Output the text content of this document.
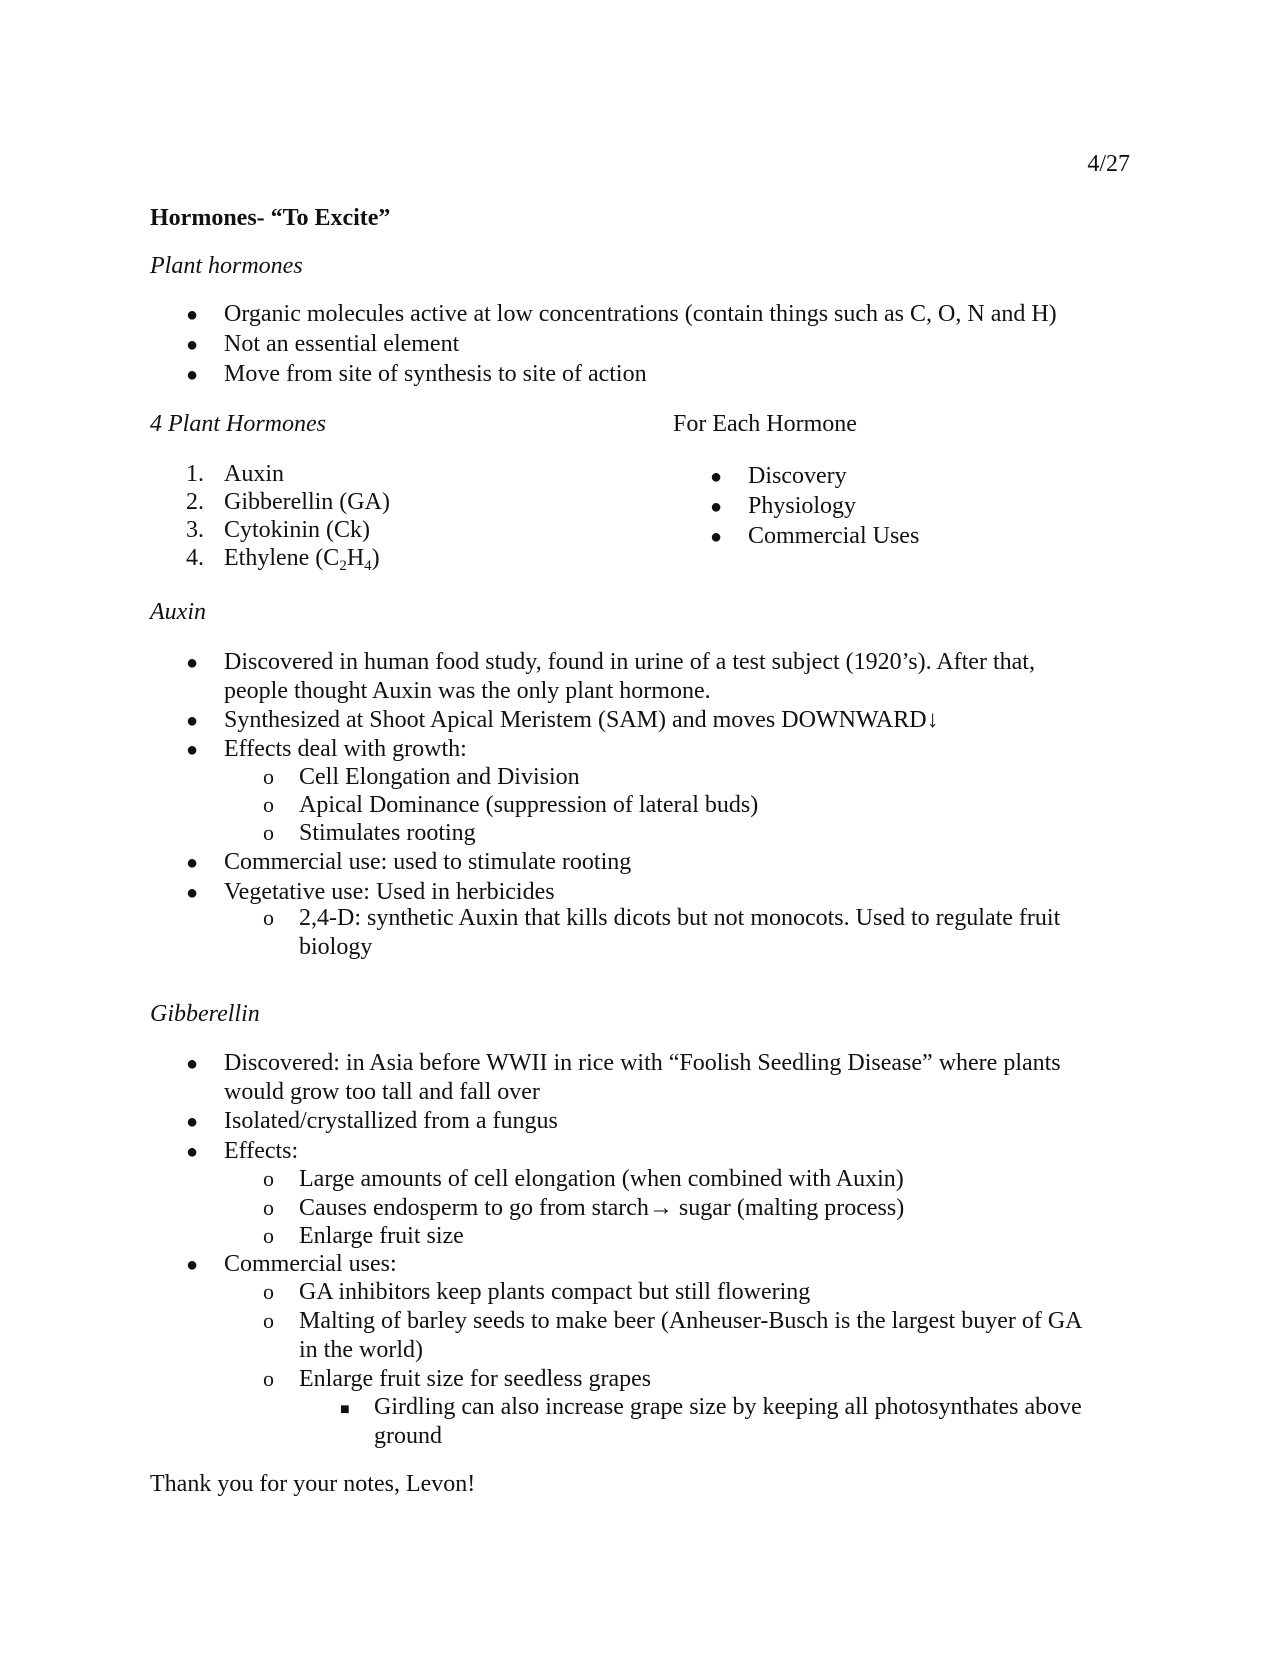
4/27
Hormones- “To Excite”
Plant hormones
● Organic molecules active at low concentrations (contain things such as C, O, N and H)
● Not an essential element
● Move from site of synthesis to site of action
4 Plant Hormones
1. Auxin
2. Gibberellin (GA)
3. Cytokinin (Ck)
4. Ethylene $(C_2H_4)$
For Each Hormone
● Discovery
● Physiology
● Commercial Uses
Auxin
● Discovered in human food study, found in urine of a test subject (1920’s). After that,
people thought Auxin was the only plant hormone.
● Synthesized at Shoot Apical Meristem (SAM) and moves DOWNWARD↓
● Effects deal with growth:
o Cell Elongation and Division
o Apical Dominance (suppression of lateral buds)
o Stimulates rooting
● Commercial use: used to stimulate rooting
● Vegetative use: Used in herbicides
o 2,4-D: synthetic Auxin that kills dicots but not monocots. Used to regulate fruit
biology
Gibberellin
● Discovered: in Asia before WWII in rice with “Foolish Seedling Disease” where plants
would grow too tall and fall over
● Isolated/crystallized from a fungus
● Effects:
o Large amounts of cell elongation (when combined with Auxin)
o Causes endosperm to go from starch→ sugar (malting process)
o Enlarge fruit size
● Commercial uses:
o GA inhibitors keep plants compact but still flowering
o Malting of barley seeds to make beer (Anheuser-Busch is the largest buyer of GA
in the world)
o Enlarge fruit size for seedless grapes
■ Girdling can also increase grape size by keeping all photosynthates above
ground
Thank you for your notes, Levon!
